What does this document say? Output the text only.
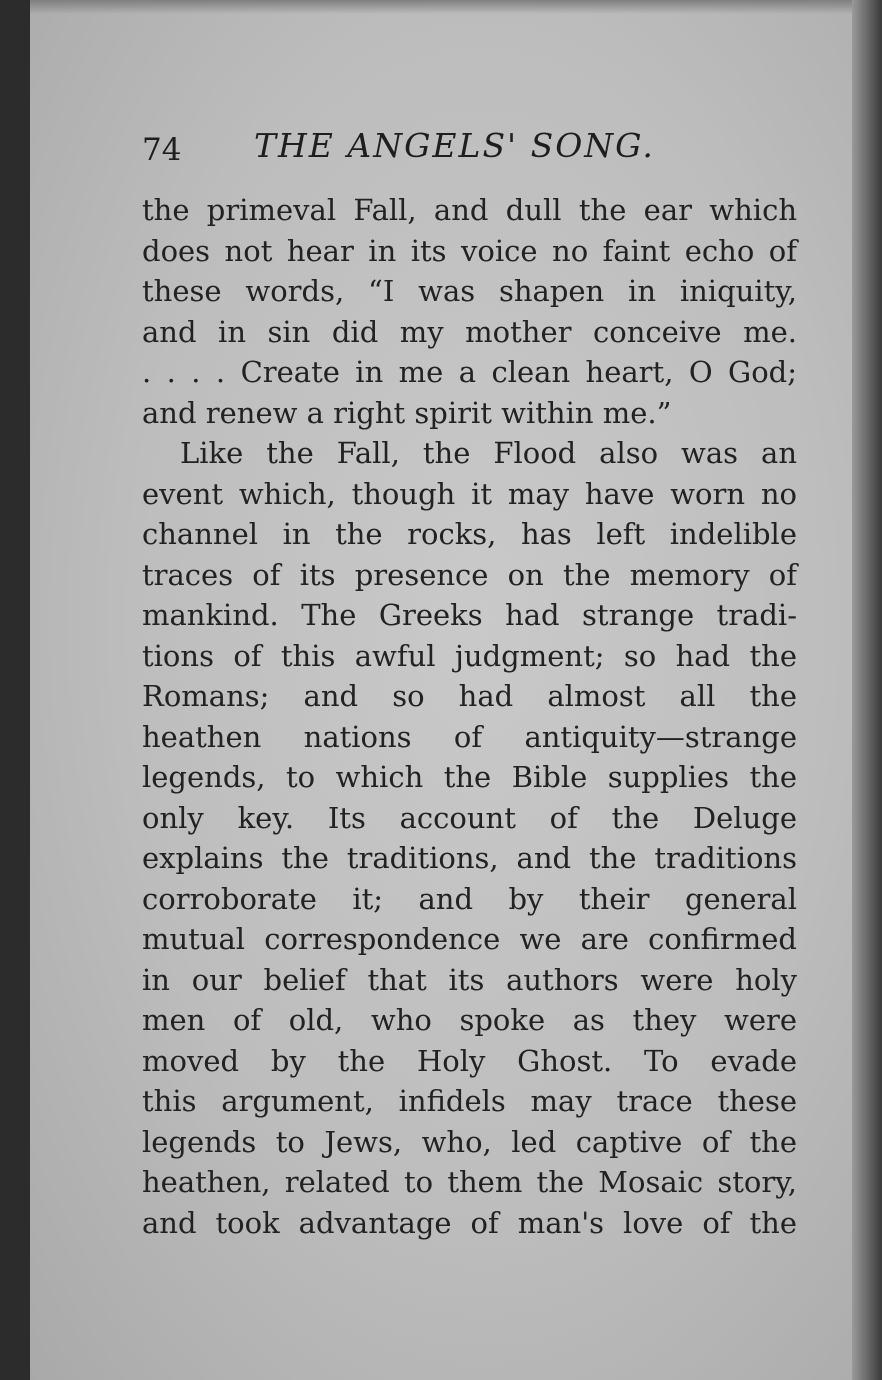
74 THE ANGELS' SONG.
the primeval Fall, and dull the ear which
does not hear in its voice no faint echo of
these words, “I was shapen in iniquity,
and in sin did my mother conceive me.
. . . . Create in me a clean heart, O God;
and renew a right spirit within me.”
Like the Fall, the Flood also was an
event which, though it may have worn no
channel in the rocks, has left indelible
traces of its presence on the memory of
mankind. The Greeks had strange tradi-
tions of this awful judgment; so had the
Romans; and so had almost all the
heathen nations of antiquity—strange
legends, to which the Bible supplies the
only key. Its account of the Deluge
explains the traditions, and the traditions
corroborate it; and by their general
mutual correspondence we are confirmed
in our belief that its authors were holy
men of old, who spoke as they were
moved by the Holy Ghost. To evade
this argument, infidels may trace these
legends to Jews, who, led captive of the
heathen, related to them the Mosaic story,
and took advantage of man's love of the
